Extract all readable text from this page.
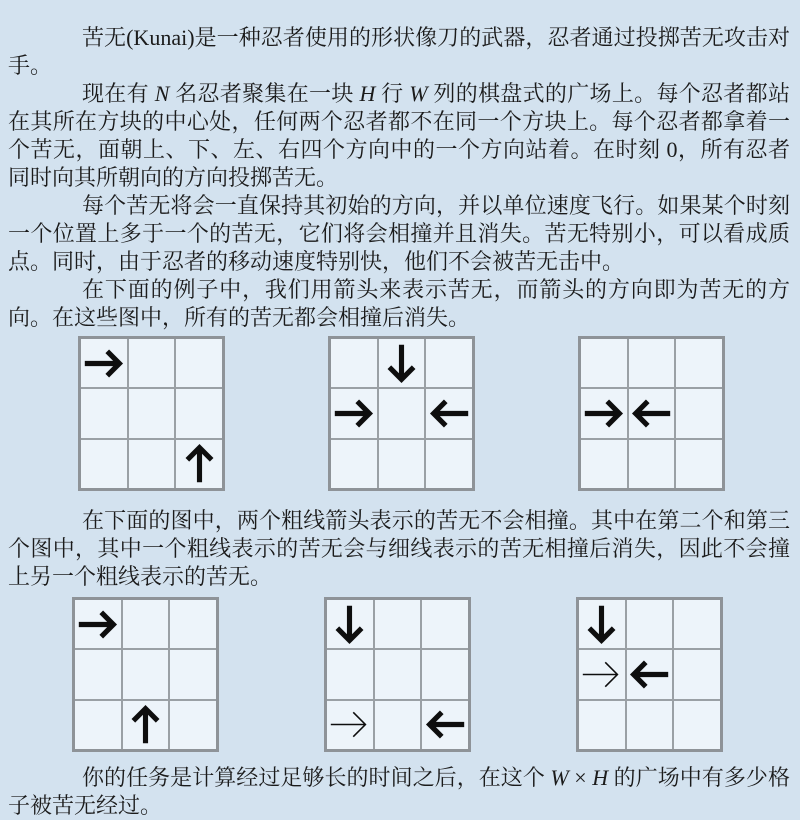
苦无(Kunai)是一种忍者使用的形状像刀的武器，忍者通过投掷苦无攻击对手。

现在有 N 名忍者聚集在一块 H 行 W 列的棋盘式的广场上。每个忍者都站在其所在方块的中心处，任何两个忍者都不在同一个方块上。每个忍者都拿着一个苦无，面朝上、下、左、右四个方向中的一个方向站着。在时刻 0，所有忍者同时向其所朝向的方向投掷苦无。

每个苦无将会一直保持其初始的方向，并以单位速度飞行。如果某个时刻一个位置上多于一个的苦无，它们将会相撞并且消失。苦无特别小，可以看成质点。同时，由于忍者的移动速度特别快，他们不会被苦无击中。

在下面的例子中，我们用箭头来表示苦无，而箭头的方向即为苦无的方向。在这些图中，所有的苦无都会相撞后消失。

在下面的图中，两个粗线箭头表示的苦无不会相撞。其中在第二个和第三个图中，其中一个粗线表示的苦无会与细线表示的苦无相撞后消失，因此不会撞上另一个粗线表示的苦无。

你的任务是计算经过足够长的时间之后，在这个 W × H 的广场中有多少格子被苦无经过。
